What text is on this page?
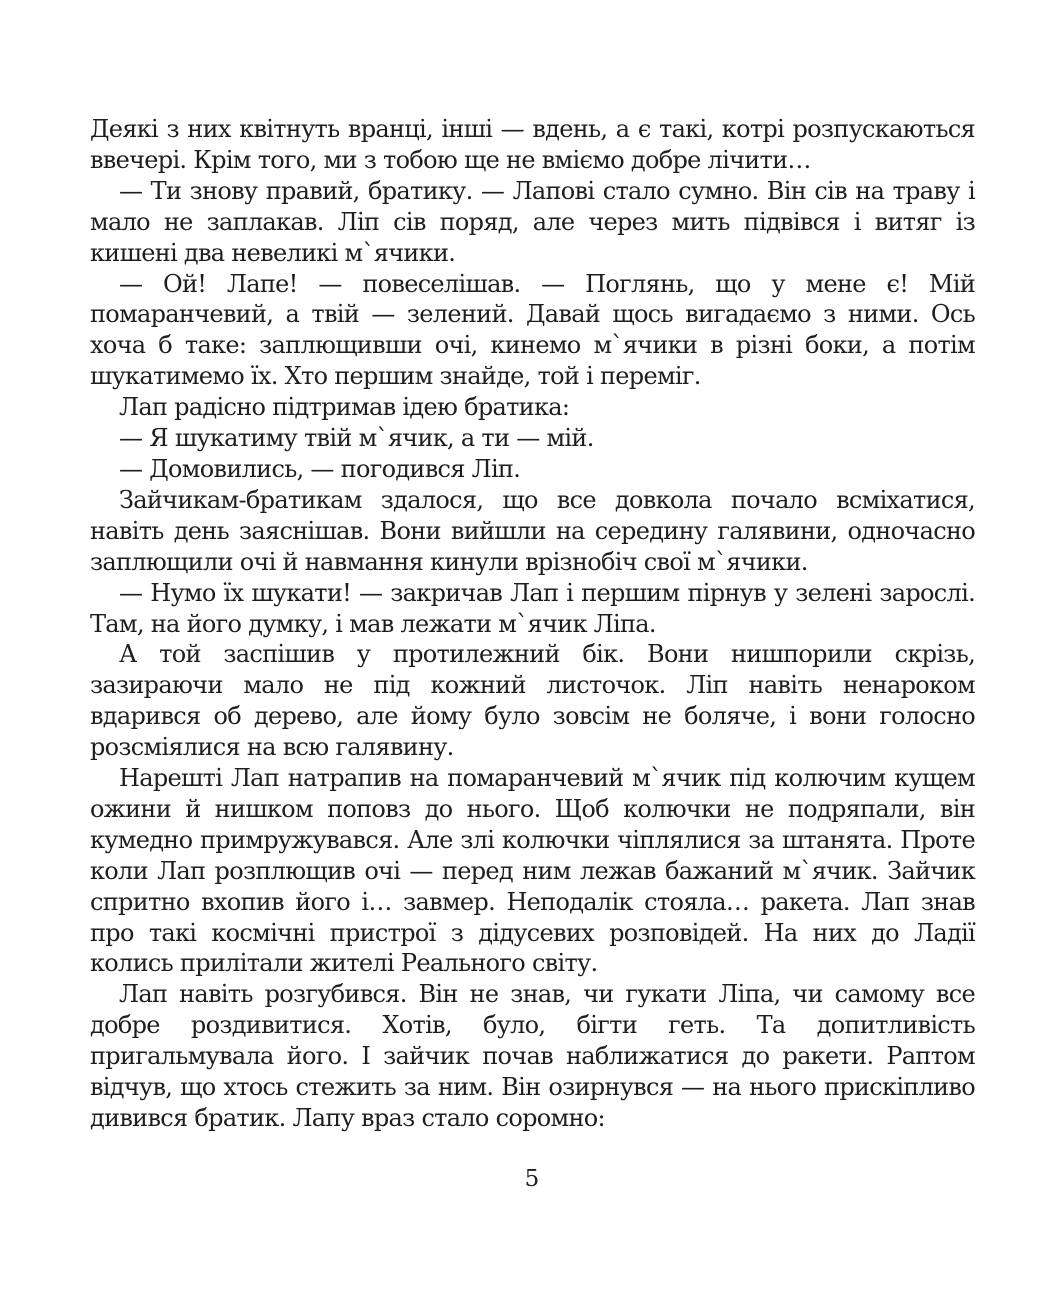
Деякі з них квітнуть вранці, інші — вдень, а є такі, котрі розпускаються ввечері. Крім того, ми з тобою ще не вміємо добре лічити…

— Ти знову правий, братику. — Лапові стало сумно. Він сів на траву і мало не заплакав. Ліп сів поряд, але через мить підвівся і витяг із кишені два невеликі м`ячики.

— Ой! Лапе! — повеселішав. — Поглянь, що у мене є! Мій помаранчевий, а твій — зелений. Давай щось вигадаємо з ними. Ось хоча б таке: заплющивши очі, кинемо м`ячики в різні боки, а потім шукатимемо їх. Хто першим знайде, той і переміг.

Лап радісно підтримав ідею братика:

— Я шукатиму твій м`ячик, а ти — мій.

— Домовились, — погодився Ліп.

Зайчикам-братикам здалося, що все довкола почало всміхатися, навіть день заяснішав. Вони вийшли на середину галявини, одночасно заплющили очі й навмання кинули врізнобіч свої м`ячики.

— Нумо їх шукати! — закричав Лап і першим пірнув у зелені зарослі. Там, на його думку, і мав лежати м`ячик Ліпа.

А той заспішив у протилежний бік. Вони нишпорили скрізь, зазираючи мало не під кожний листочок. Ліп навіть ненароком вдарився об дерево, але йому було зовсім не боляче, і вони голосно розсміялися на всю галявину.

Нарешті Лап натрапив на помаранчевий м`ячик під колючим кущем ожини й нишком поповз до нього. Щоб колючки не подряпали, він кумедно примружувався. Але злі колючки чіплялися за штанята. Проте коли Лап розплющив очі — перед ним лежав бажаний м`ячик. Зайчик спритно вхопив його і… завмер. Неподалік стояла… ракета. Лап знав про такі космічні пристрої з дідусевих розповідей. На них до Ладії колись прилітали жителі Реального світу.

Лап навіть розгубився. Він не знав, чи гукати Ліпа, чи самому все добре роздивитися. Хотів, було, бігти геть. Та допитливість пригальмувала його. І зайчик почав наближатися до ракети. Раптом відчув, що хтось стежить за ним. Він озирнувся — на нього прискіпливо дивився братик. Лапу враз стало соромно:

5
